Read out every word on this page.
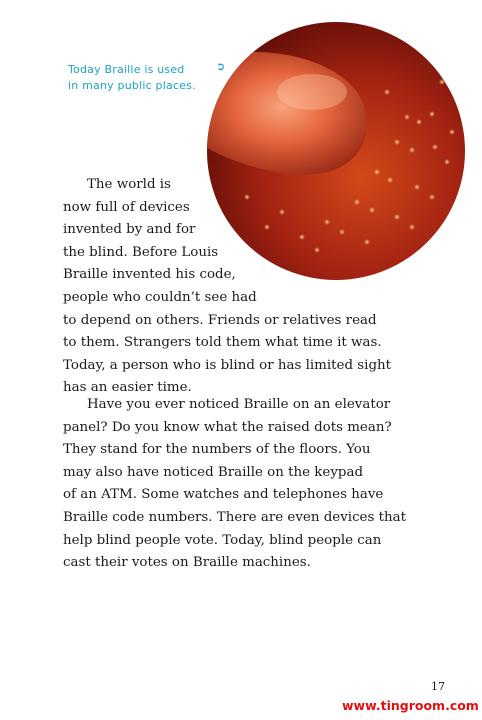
Today Braille is used
in many public places.
The world is
now full of devices
invented by and for
the blind. Before Louis
Braille invented his code,
people who couldn’t see had
to depend on others. Friends or relatives read
to them. Strangers told them what time it was.
Today, a person who is blind or has limited sight
has an easier time.
Have you ever noticed Braille on an elevator
panel? Do you know what the raised dots mean?
They stand for the numbers of the floors. You
may also have noticed Braille on the keypad
of an ATM. Some watches and telephones have
Braille code numbers. There are even devices that
help blind people vote. Today, blind people can
cast their votes on Braille machines.
17
www.tingroom.com
